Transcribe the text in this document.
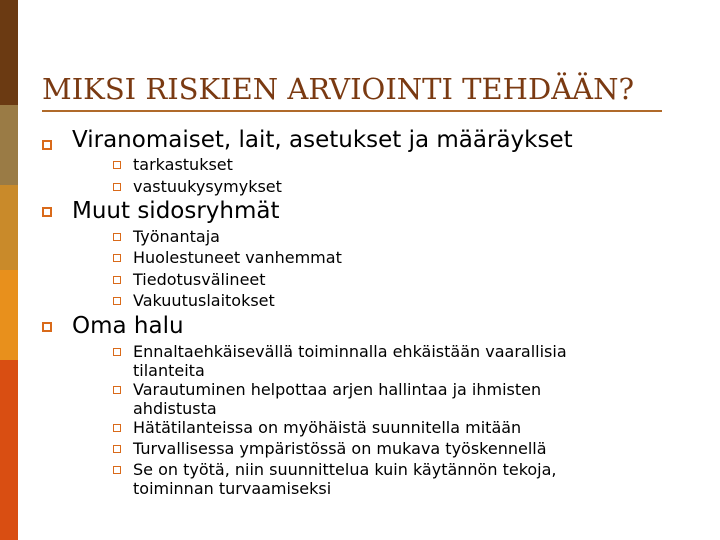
MIKSI RISKIEN ARVIOINTI TEHDÄÄN?
Viranomaiset, lait, asetukset ja määräykset
tarkastukset
vastuukysymykset
Muut sidosryhmät
Työnantaja
Huolestuneet vanhemmat
Tiedotusvälineet
Vakuutuslaitokset
Oma halu
Ennaltaehkäisevällä toiminnalla ehkäistään vaarallisia tilanteita
Varautuminen helpottaa arjen hallintaa ja ihmisten ahdistusta
Hätätilanteissa on myöhäistä suunnitella mitään
Turvallisessa ympäristössä on mukava työskennellä
Se on työtä, niin suunnittelua kuin käytännön tekoja, toiminnan turvaamiseksi
